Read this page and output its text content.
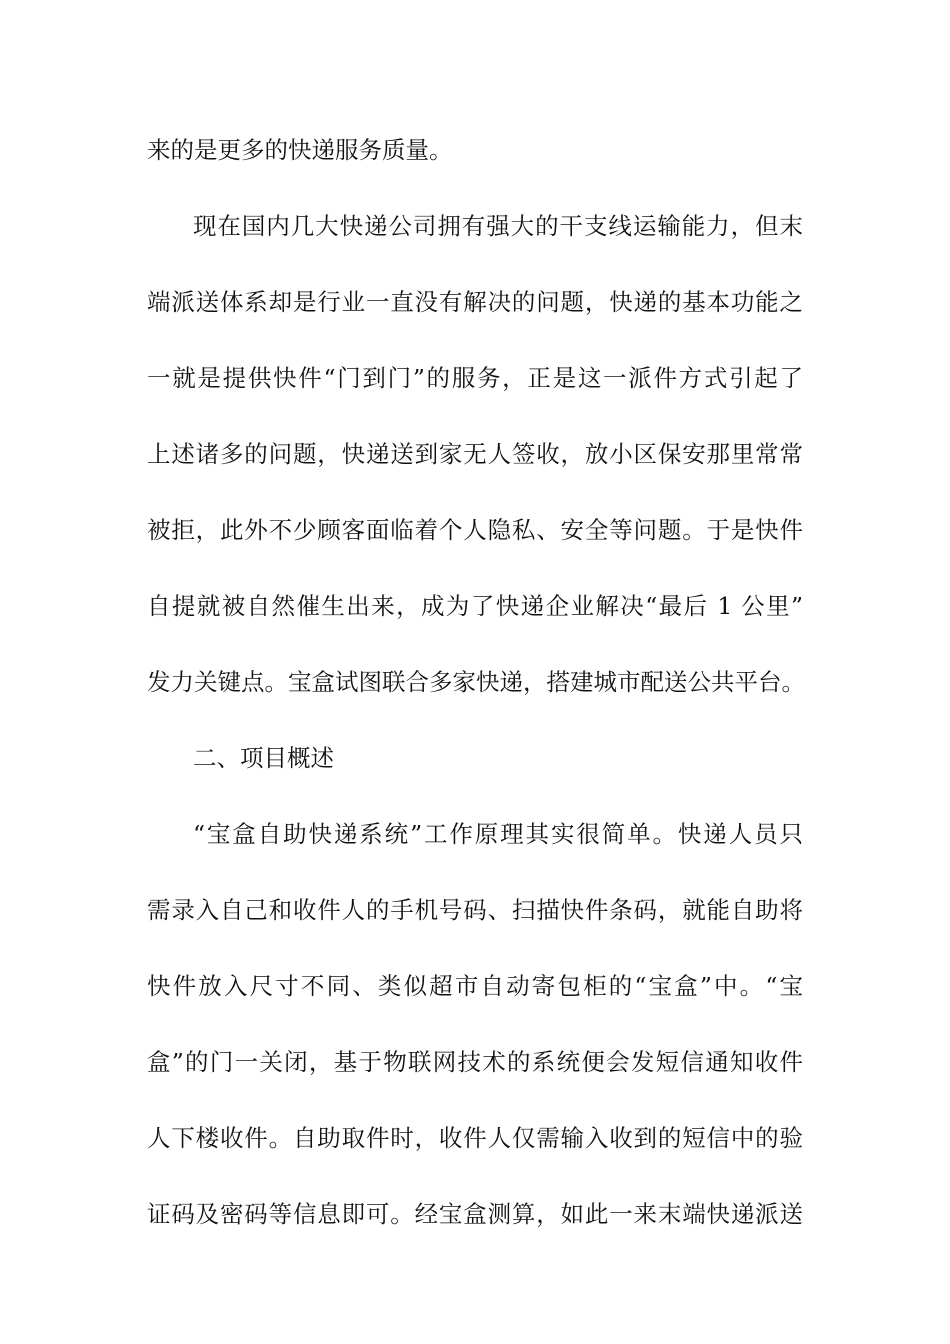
来的是更多的快递服务质量。
现在国内几大快递公司拥有强大的干支线运输能力，但末
端派送体系却是行业一直没有解决的问题，快递的基本功能之
一就是提供快件“门到门”的服务，正是这一派件方式引起了
上述诸多的问题，快递送到家无人签收，放小区保安那里常常
被拒，此外不少顾客面临着个人隐私、安全等问题。于是快件
自提就被自然催生出来，成为了快递企业解决“最后 1 公里”
发力关键点。宝盒试图联合多家快递，搭建城市配送公共平台。
二、项目概述
“宝盒自助快递系统”工作原理其实很简单。快递人员只
需录入自己和收件人的手机号码、扫描快件条码，就能自助将
快件放入尺寸不同、类似超市自动寄包柜的“宝盒”中。“宝
盒”的门一关闭，基于物联网技术的系统便会发短信通知收件
人下楼收件。自助取件时，收件人仅需输入收到的短信中的验
证码及密码等信息即可。经宝盒测算，如此一来末端快递派送
